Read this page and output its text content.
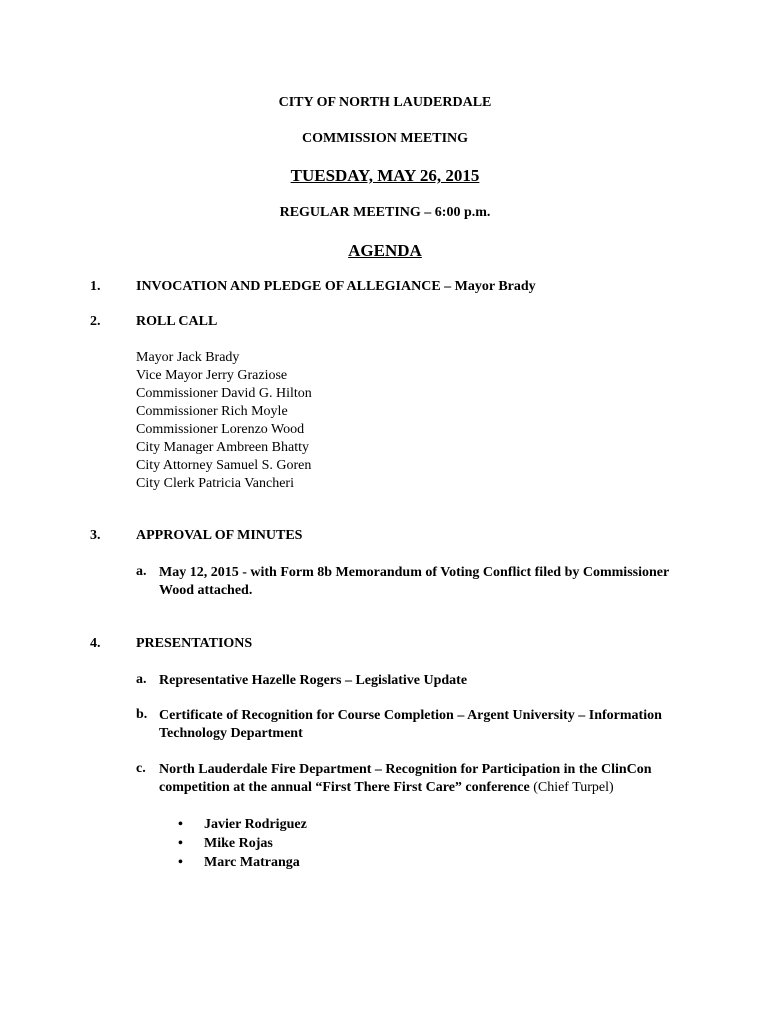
CITY OF NORTH LAUDERDALE
COMMISSION MEETING
TUESDAY, MAY 26, 2015
REGULAR MEETING – 6:00 p.m.
AGENDA
1.	INVOCATION AND PLEDGE OF ALLEGIANCE – Mayor Brady
2.	ROLL CALL
Mayor Jack Brady
Vice Mayor Jerry Graziose
Commissioner David G. Hilton
Commissioner Rich Moyle
Commissioner Lorenzo Wood
City Manager Ambreen Bhatty
City Attorney Samuel S. Goren
City Clerk Patricia Vancheri
3.	APPROVAL OF MINUTES
a. May 12, 2015 - with Form 8b Memorandum of Voting Conflict filed by Commissioner Wood attached.
4.	PRESENTATIONS
a. Representative Hazelle Rogers – Legislative Update
b. Certificate of Recognition for Course Completion – Argent University – Information Technology Department
c. North Lauderdale Fire Department – Recognition for Participation in the ClinCon competition at the annual “First There First Care” conference (Chief Turpel)
• Javier Rodriguez
• Mike Rojas
• Marc Matranga
